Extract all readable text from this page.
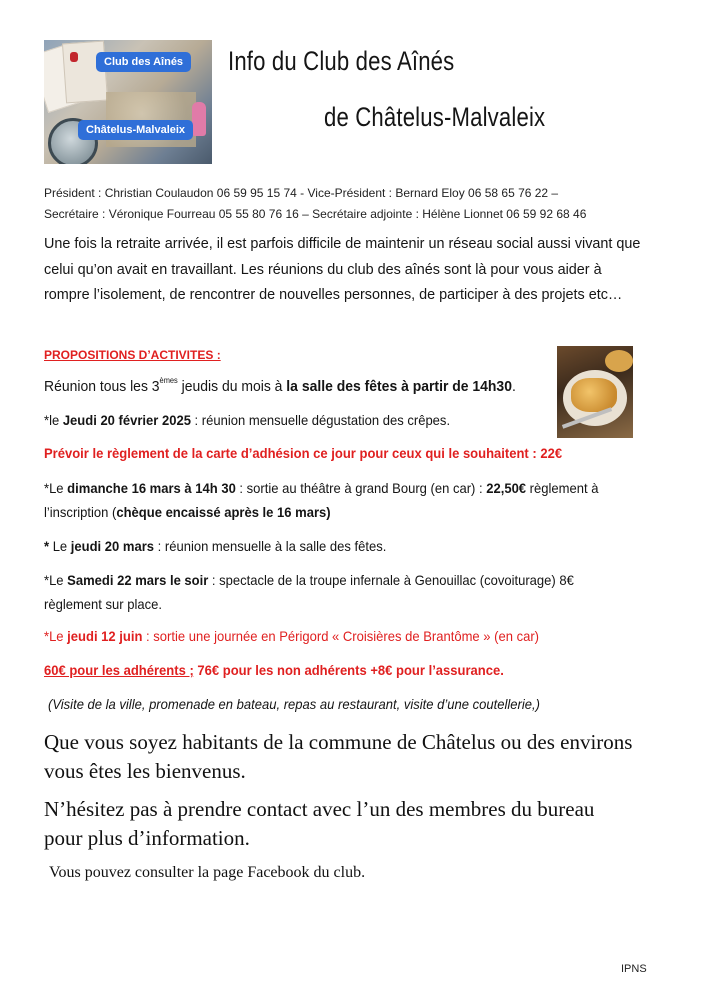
Club des Aînés
Châtelus-Malvaleix
Info du Club des Aînés
de Châtelus-Malvaleix
Président : Christian Coulaudon 06 59 95 15 74 - Vice-Président : Bernard Eloy 06 58 65 76 22 –
Secrétaire : Véronique Fourreau 05 55 80 76 16 – Secrétaire adjointe : Hélène Lionnet 06 59 92 68 46
Une fois la retraite arrivée, il est parfois difficile de maintenir un réseau social aussi vivant que
celui qu’on avait en travaillant. Les réunions du club des aînés sont là pour vous aider à
rompre l’isolement, de rencontrer de nouvelles personnes, de participer à des projets etc…
PROPOSITIONS D’ACTIVITES :
Réunion tous les 3èmes jeudis du mois à la salle des fêtes à partir de 14h30.
*le Jeudi 20 février 2025 : réunion mensuelle dégustation des crêpes.
Prévoir le règlement de la carte d’adhésion ce jour pour ceux qui le souhaitent : 22€
*Le dimanche 16 mars à 14h 30 : sortie au théâtre à grand Bourg (en car) : 22,50€ règlement à
l’inscription (chèque encaissé après le 16 mars)
* Le jeudi 20 mars : réunion mensuelle à la salle des fêtes.
*Le Samedi 22 mars le soir : spectacle de la troupe infernale à Genouillac (covoiturage) 8€
règlement sur place.
*Le jeudi 12 juin : sortie une journée en Périgord « Croisières de Brantôme » (en car)
60€ pour les adhérents ; 76€ pour les non adhérents +8€ pour l’assurance.
(Visite de la ville, promenade en bateau, repas au restaurant, visite d’une coutellerie,)
Que vous soyez habitants de la commune de Châtelus ou des environs
vous êtes les bienvenus.
N’hésitez pas à prendre contact avec l’un des membres du bureau
pour plus d’information.
Vous pouvez consulter la page Facebook du club.
IPNS
